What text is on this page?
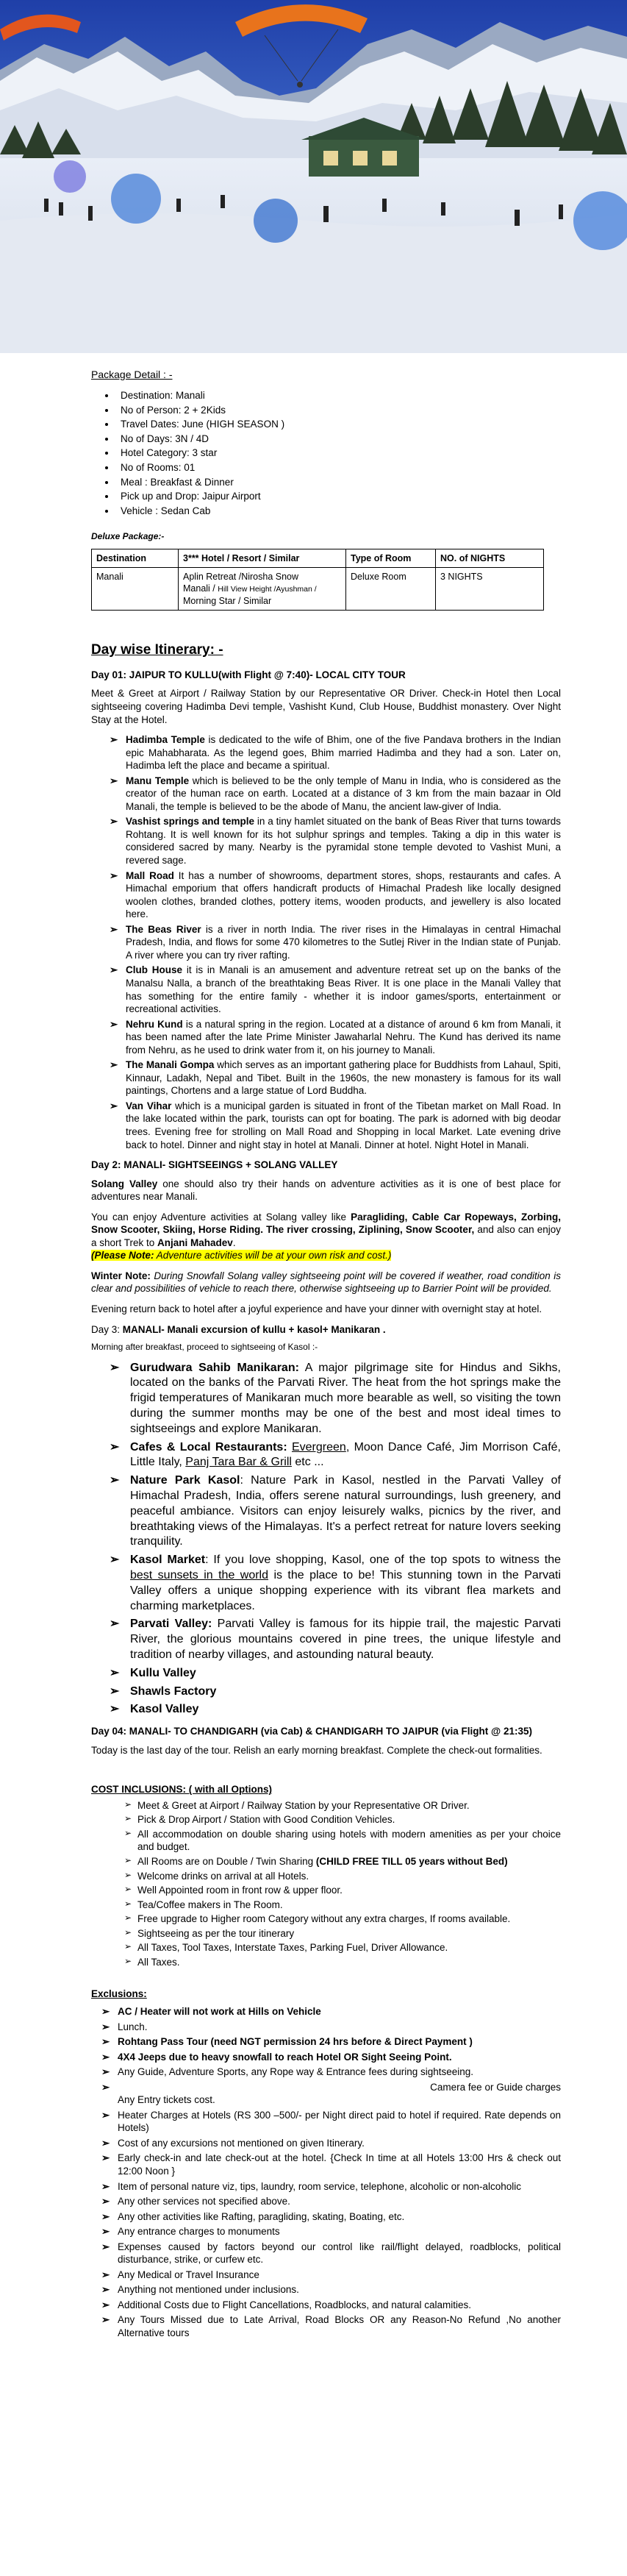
Package Detail : -
• Destination: Manali
• No of Person: 2 + 2Kids
• Travel Dates: June (HIGH SEASON )
• No of Days: 3N / 4D
• Hotel Category: 3 star
• No of Rooms: 01
• Meal : Breakfast & Dinner
• Pick up and Drop: Jaipur Airport
• Vehicle : Sedan Cab
Deluxe Package:-
Destination	3*** Hotel / Resort / Similar	Type of Room	NO. of NIGHTS
Manali	Aplin Retreat /Nirosha Snow
Manali / Hill View Height /Ayushman /
Morning Star / Similar	Deluxe Room	3 NIGHTS
Day wise Itinerary: -
Day 01: JAIPUR TO KULLU(with Flight @ 7:40)- LOCAL CITY TOUR

Meet & Greet at Airport / Railway Station by our Representative OR Driver. Check-in Hotel then Local sightseeing covering Hadimba Devi temple, Vashisht Kund, Club House, Buddhist monastery. Over Night Stay at the Hotel.

➢ Hadimba Temple is dedicated to the wife of Bhim, one of the five Pandava brothers in the Indian epic Mahabharata. As the legend goes, Bhim married Hadimba and they had a son. Later on, Hadimba left the place and became a spiritual.
➢ Manu Temple which is believed to be the only temple of Manu in India, who is considered as the creator of the human race on earth. Located at a distance of 3 km from the main bazaar in Old Manali, the temple is believed to be the abode of Manu, the ancient law-giver of India.
➢ Vashist springs and temple in a tiny hamlet situated on the bank of Beas River that turns towards Rohtang. It is well known for its hot sulphur springs and temples. Taking a dip in this water is considered sacred by many. Nearby is the pyramidal stone temple devoted to Vashist Muni, a revered sage.
➢ Mall Road It has a number of showrooms, department stores, shops, restaurants and cafes. A Himachal emporium that offers handicraft products of Himachal Pradesh like locally designed woolen clothes, branded clothes, pottery items, wooden products, and jewellery is also located here.
➢ The Beas River is a river in north India. The river rises in the Himalayas in central Himachal Pradesh, India, and flows for some 470 kilometres to the Sutlej River in the Indian state of Punjab. A river where you can try river rafting.
➢ Club House it is in Manali is an amusement and adventure retreat set up on the banks of the Manalsu Nalla, a branch of the breathtaking Beas River. It is one place in the Manali Valley that has something for the entire family - whether it is indoor games/sports, entertainment or recreational activities.
➢ Nehru Kund is a natural spring in the region. Located at a distance of around 6 km from Manali, it has been named after the late Prime Minister Jawaharlal Nehru. The Kund has derived its name from Nehru, as he used to drink water from it, on his journey to Manali.
➢ The Manali Gompa which serves as an important gathering place for Buddhists from Lahaul, Spiti, Kinnaur, Ladakh, Nepal and Tibet. Built in the 1960s, the new monastery is famous for its wall paintings, Chortens and a large statue of Lord Buddha.
➢ Van Vihar which is a municipal garden is situated in front of the Tibetan market on Mall Road. In the lake located within the park, tourists can opt for boating. The park is adorned with big deodar trees. Evening free for strolling on Mall Road and Shopping in local Market. Late evening drive back to hotel. Dinner and night stay in hotel at Manali. Dinner at hotel. Night Hotel in Manali.
Day 2: MANALI- SIGHTSEEINGS + SOLANG VALLEY

Solang Valley one should also try their hands on adventure activities as it is one of best place for adventures near Manali.

You can enjoy Adventure activities at Solang valley like Paragliding, Cable Car Ropeways, Zorbing, Snow Scooter, Skiing, Horse Riding. The river crossing, Ziplining, Snow Scooter, and also can enjoy a short Trek to Anjani Mahadev.
(Please Note: Adventure activities will be at your own risk and cost.)

Winter Note: During Snowfall Solang valley sightseeing point will be covered if weather, road condition is clear and possibilities of vehicle to reach there, otherwise sightseeing up to Barrier Point will be provided.

Evening return back to hotel after a joyful experience and have your dinner with overnight stay at hotel.

Day 3: MANALI- Manali excursion of kullu + kasol+ Manikaran .

Morning after breakfast, proceed to sightseeing of Kasol :-

➢ Gurudwara Sahib Manikaran: A major pilgrimage site for Hindus and Sikhs, located on the banks of the Parvati River. The heat from the hot springs make the frigid temperatures of Manikaran much more bearable as well, so visiting the town during the summer months may be one of the best and most ideal times to sightseeings and explore Manikaran.
➢ Cafes & Local Restaurants: Evergreen, Moon Dance Café, Jim Morrison Café, Little Italy, Panj Tara Bar & Grill etc ...
➢ Nature Park Kasol: Nature Park in Kasol, nestled in the Parvati Valley of Himachal Pradesh, India, offers serene natural surroundings, lush greenery, and peaceful ambiance. Visitors can enjoy leisurely walks, picnics by the river, and breathtaking views of the Himalayas. It's a perfect retreat for nature lovers seeking tranquility.
➢ Kasol Market: If you love shopping, Kasol, one of the top spots to witness the best sunsets in the world is the place to be! This stunning town in the Parvati Valley offers a unique shopping experience with its vibrant flea markets and charming marketplaces.
➢ Parvati Valley: Parvati Valley is famous for its hippie trail, the majestic Parvati River, the glorious mountains covered in pine trees, the unique lifestyle and tradition of nearby villages, and astounding natural beauty.
➢ Kullu Valley
➢ Shawls Factory
➢ Kasol Valley
Day 04: MANALI- TO CHANDIGARH (via Cab) & CHANDIGARH TO JAIPUR (via Flight @ 21:35)

Today is the last day of the tour. Relish an early morning breakfast. Complete the check-out formalities.

COST INCLUSIONS: ( with all Options)
➢ Meet & Greet at Airport / Railway Station by your Representative OR Driver.
➢ Pick & Drop Airport / Station with Good Condition Vehicles.
➢ All accommodation on double sharing using hotels with modern amenities as per your choice and budget.
➢ All Rooms are on Double / Twin Sharing (CHILD FREE TILL 05 years without Bed)
➢ Welcome drinks on arrival at all Hotels.
➢ Well Appointed room in front row & upper floor.
➢ Tea/Coffee makers in The Room.
➢ Free upgrade to Higher room Category without any extra charges, If rooms available.
➢ Sightseeing as per the tour itinerary
➢ All Taxes, Tool Taxes, Interstate Taxes, Parking Fuel, Driver Allowance.
➢ All Taxes.
Exclusions:
➢ AC / Heater will not work at Hills on Vehicle
➢ Lunch.
➢ Rohtang Pass Tour (need NGT permission 24 hrs before & Direct Payment )
➢ 4X4 Jeeps due to heavy snowfall to reach Hotel OR Sight Seeing Point.
➢ Any Guide, Adventure Sports, any Rope way & Entrance fees during sightseeing.
➢	Camera fee or Guide charges
Any Entry tickets cost.
➢ Heater Charges at Hotels (RS 300 –500/- per Night direct paid to hotel if required. Rate depends on Hotels)
➢ Cost of any excursions not mentioned on given Itinerary.
➢ Early check-in and late check-out at the hotel. {Check In time at all Hotels 13:00 Hrs & check out 12:00 Noon }
➢ Item of personal nature viz, tips, laundry, room service, telephone, alcoholic or non-alcoholic
➢ Any other services not specified above.
➢ Any other activities like Rafting, paragliding, skating, Boating, etc.
➢ Any entrance charges to monuments
➢ Expenses caused by factors beyond our control like rail/flight delayed, roadblocks, political disturbance, strike, or curfew etc.
➢ Any Medical or Travel Insurance
➢ Anything not mentioned under inclusions.
➢ Additional Costs due to Flight Cancellations, Roadblocks, and natural calamities.
➢ Any Tours Missed due to Late Arrival, Road Blocks OR any Reason-No Refund ,No another Alternative tours
